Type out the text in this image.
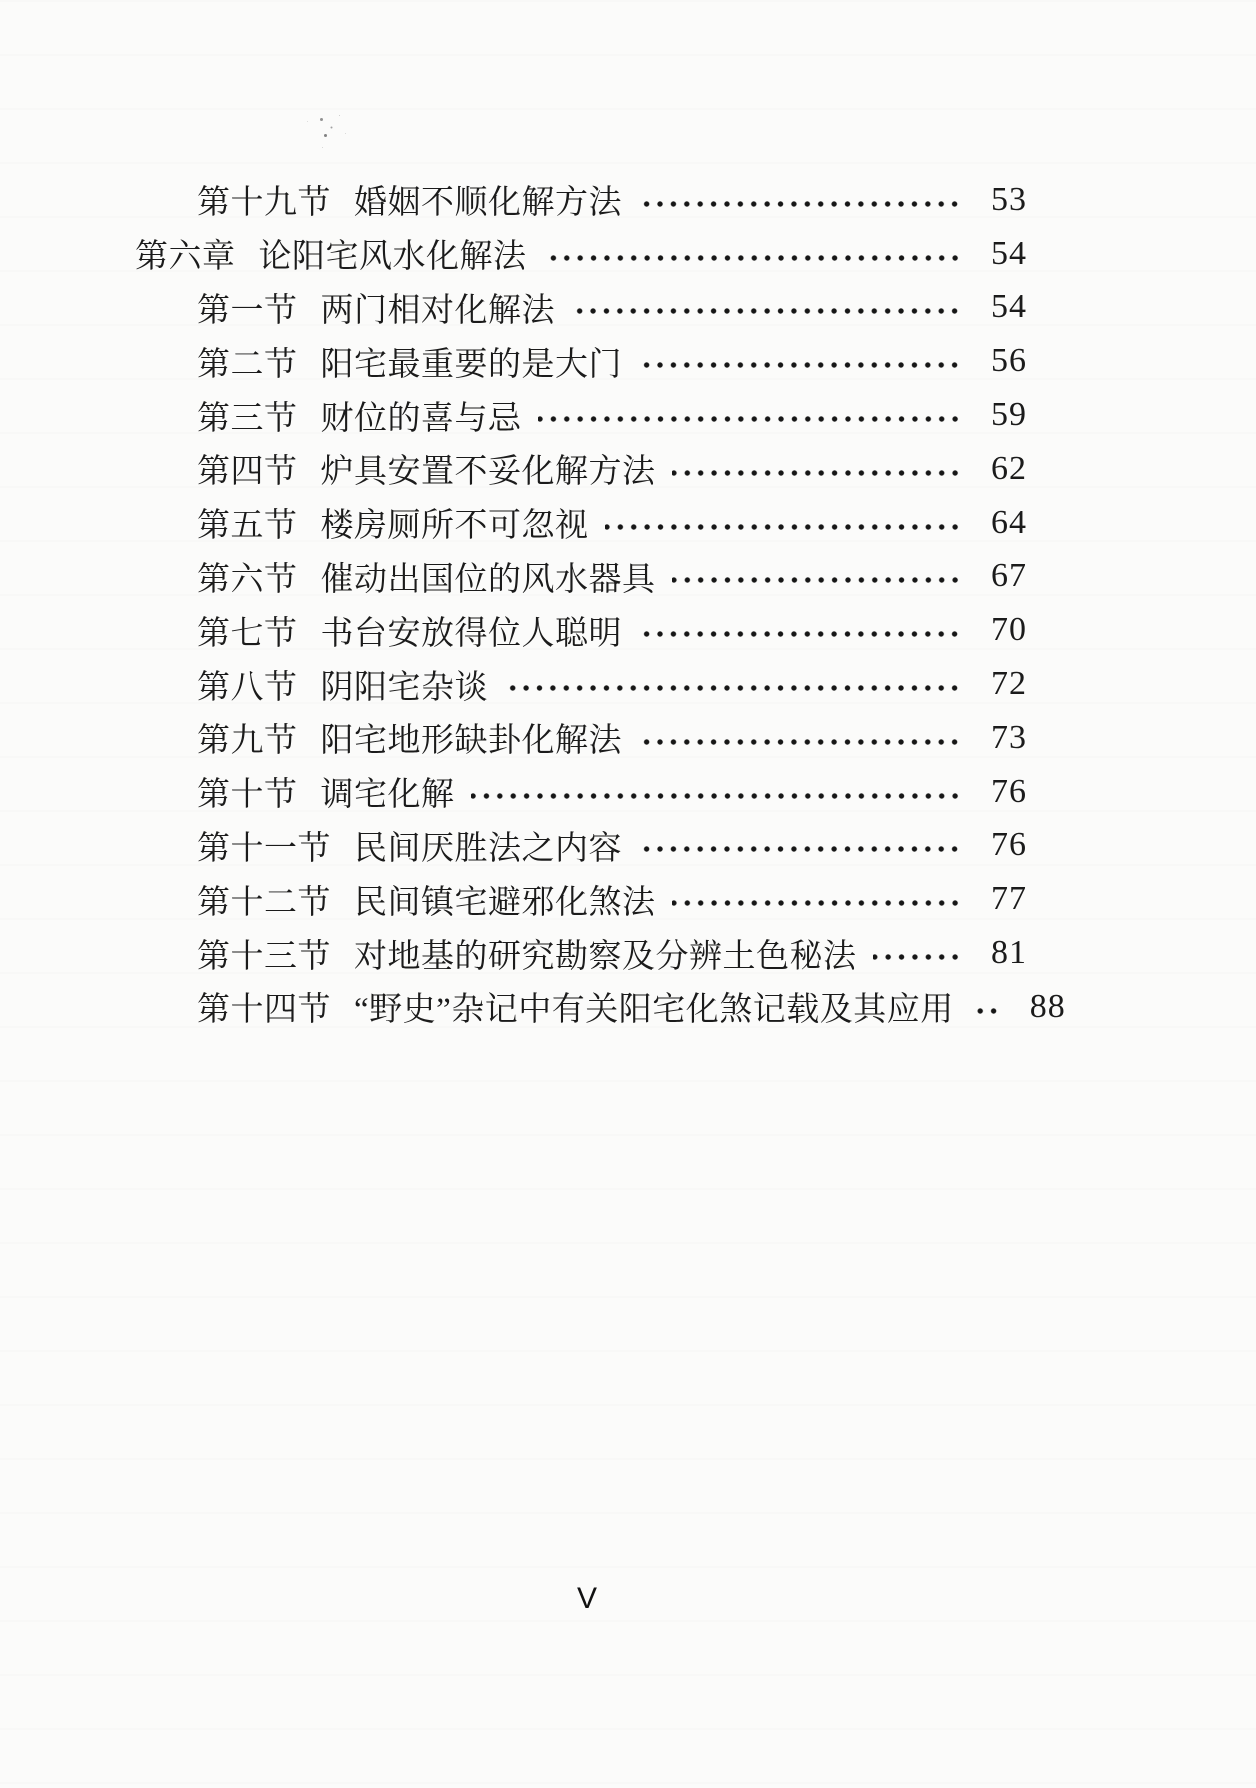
第十九节 婚姻不顺化解方法	53
第六章 论阳宅风水化解法	54
第一节 两门相对化解法	54
第二节 阳宅最重要的是大门	56
第三节 财位的喜与忌	59
第四节 炉具安置不妥化解方法	62
第五节 楼房厕所不可忽视	64
第六节 催动出国位的风水器具	67
第七节 书台安放得位人聪明	70
第八节 阴阳宅杂谈	72
第九节 阳宅地形缺卦化解法	73
第十节 调宅化解	76
第十一节 民间厌胜法之内容	76
第十二节 民间镇宅避邪化煞法	77
第十三节 对地基的研究勘察及分辨土色秘法	81
第十四节 “野史”杂记中有关阳宅化煞记载及其应用 88
V
